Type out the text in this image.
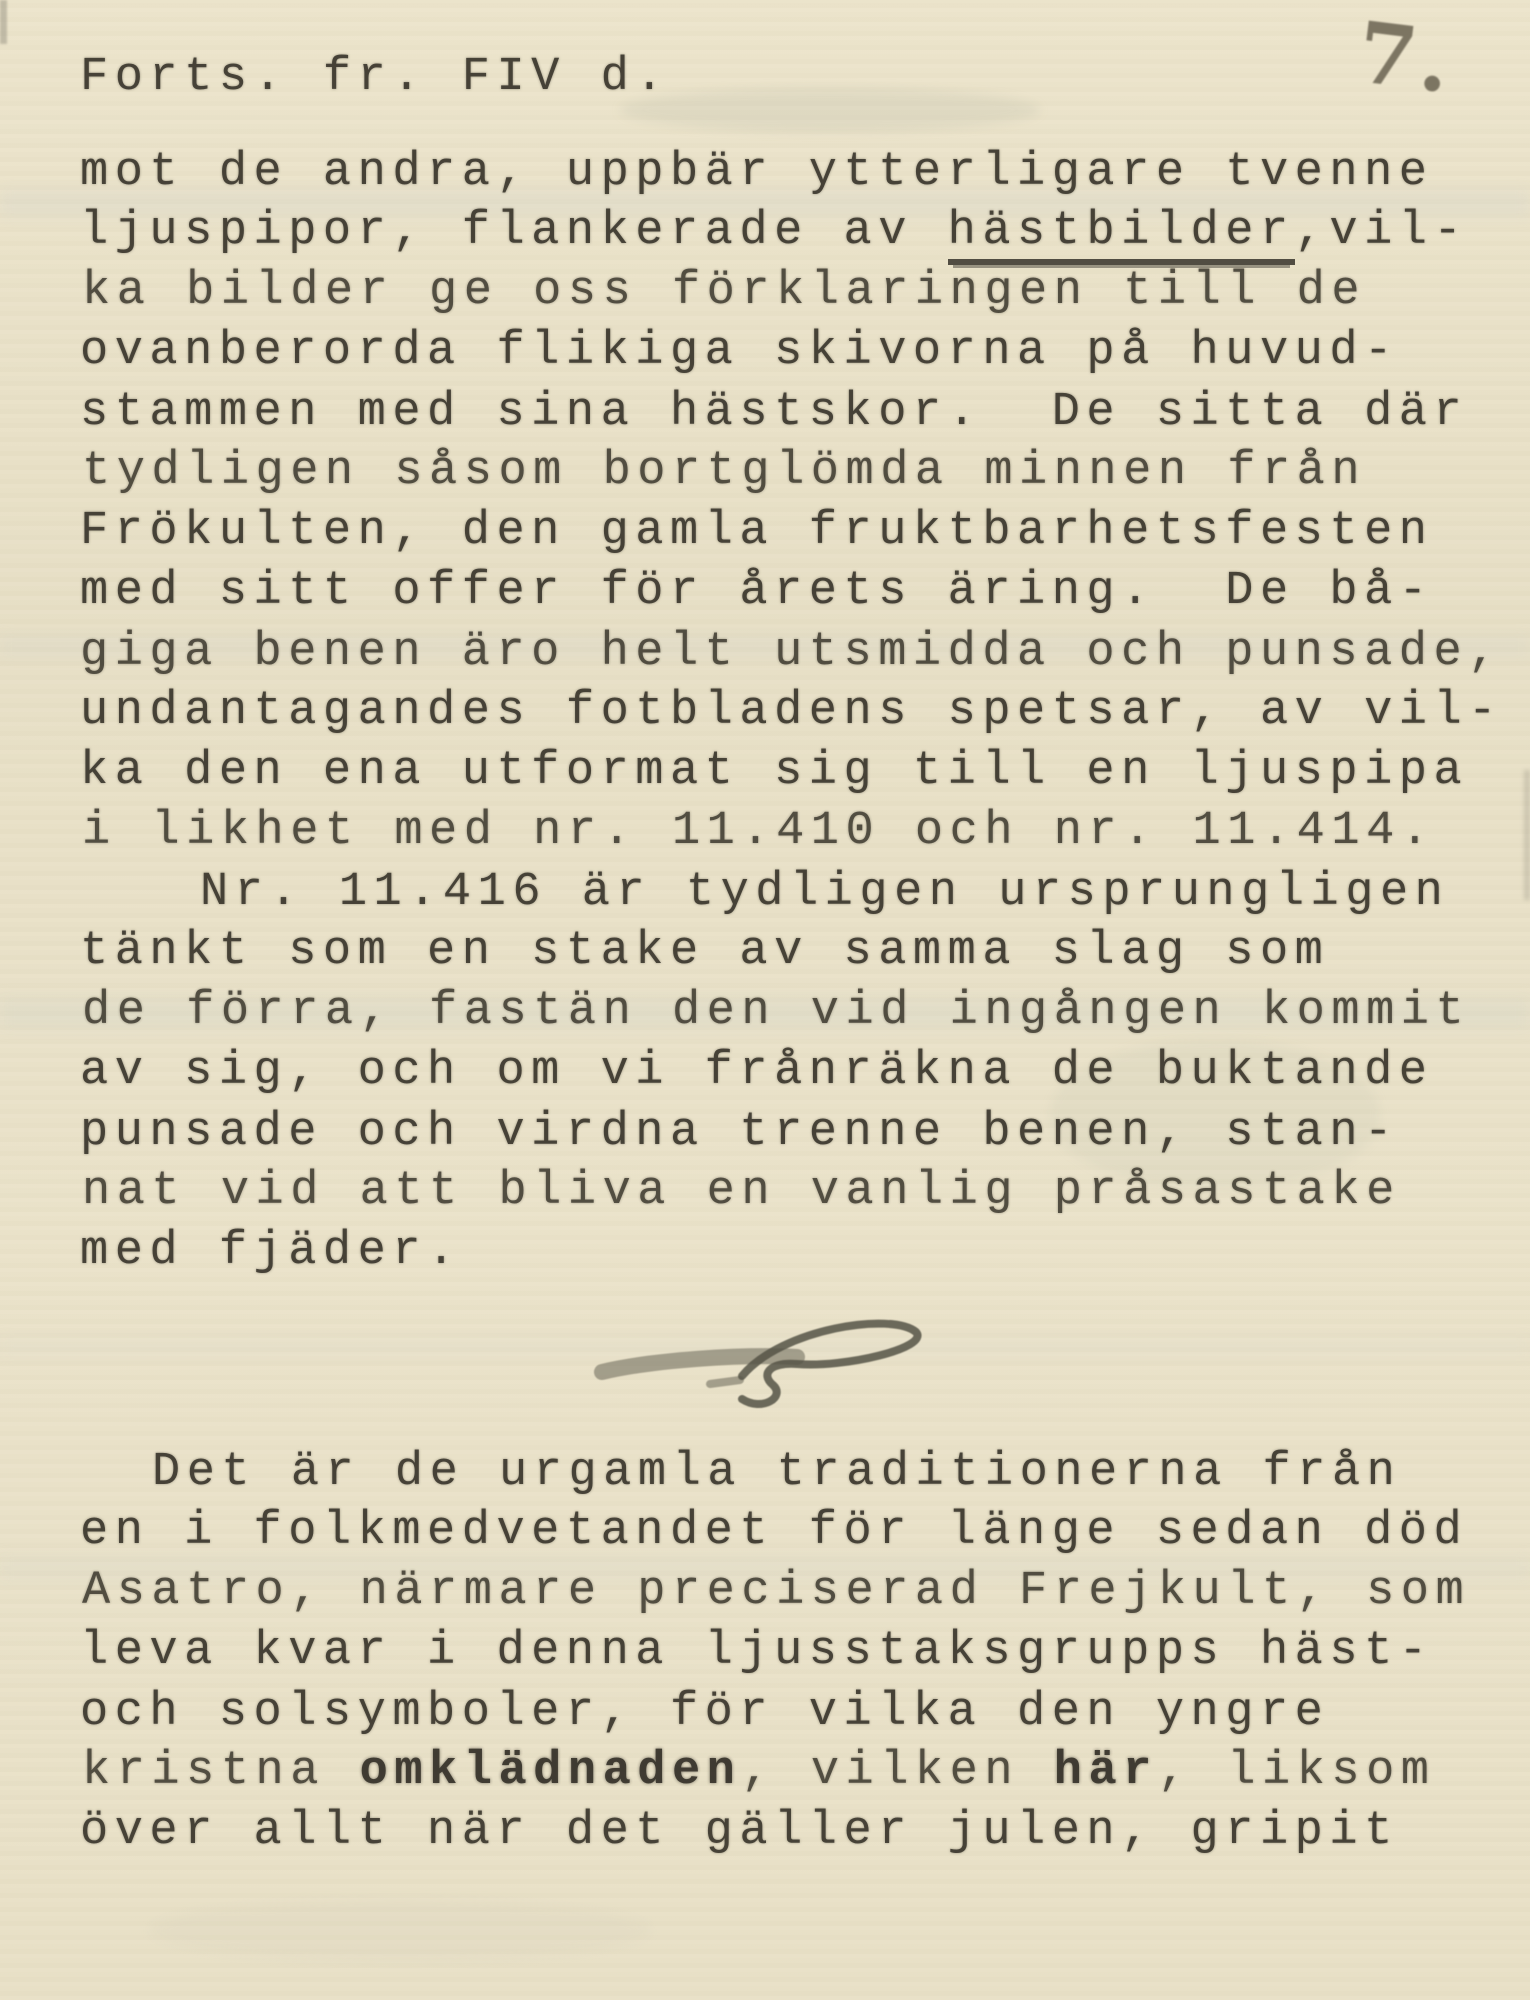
Forts. fr. FIV d.	7.
mot de andra, uppbär ytterligare tvenne
ljuspipor, flankerade av hästbilder,vil-
ka bilder ge oss förklaringen till de
ovanberorda flikiga skivorna på huvud-
stammen med sina hästskor.  De sitta där
tydligen såsom bortglömda minnen från
Frökulten, den gamla fruktbarhetsfesten
med sitt offer för årets äring.  De bå-
giga benen äro helt utsmidda och punsade,
undantagandes fotbladens spetsar, av vil-
ka den ena utformat sig till en ljuspipa
i likhet med nr. 11.410 och nr. 11.414.
Nr. 11.416 är tydligen ursprungligen
tänkt som en stake av samma slag som
de förra, fastän den vid ingången kommit
av sig, och om vi frånräkna de buktande
punsade och virdna trenne benen, stan-
nat vid att bliva en vanlig pråsastake
med fjäder.
Det är de urgamla traditionerna från
en i folkmedvetandet för länge sedan död
Asatro, närmare preciserad Frejkult, som
leva kvar i denna ljusstaksgrupps häst-
och solsymboler, för vilka den yngre
kristna omklädnaden, vilken här, liksom
över allt när det gäller julen, gripit
